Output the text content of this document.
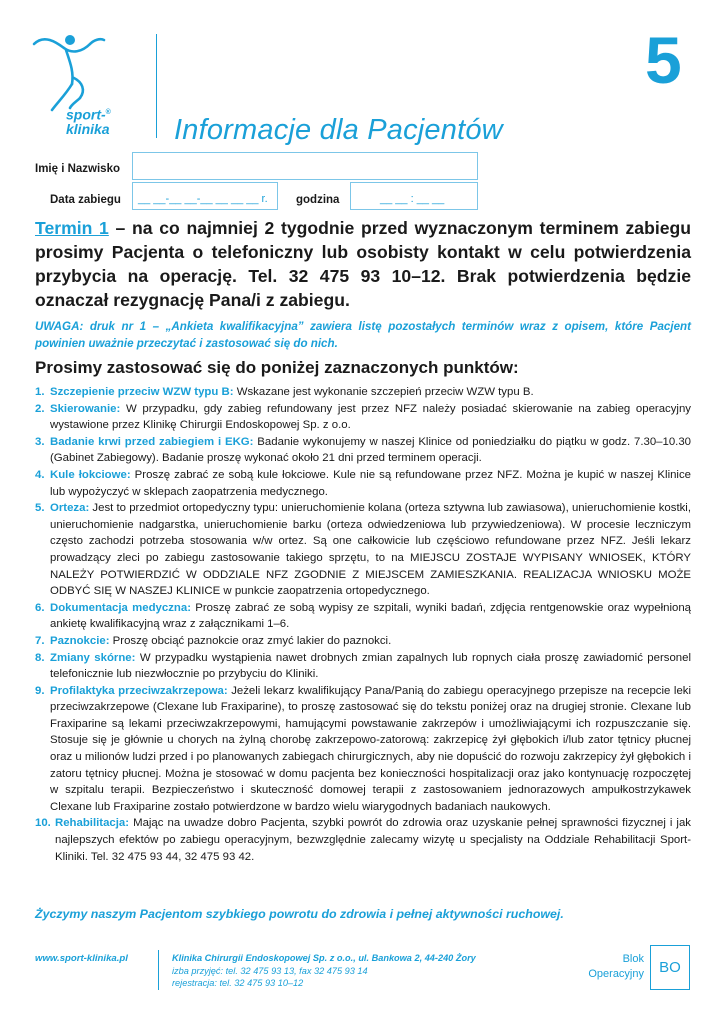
sport-®
klinika
5
Informacje dla Pacjentów
Imię i Nazwisko
Data zabiegu __ __-__ __-__ __ __ __ r. godzina	__ __ : __ __
Termin 1 – na co najmniej 2 tygodnie przed wyznaczonym terminem zabiegu prosimy Pacjenta o telefoniczny lub osobisty kontakt w celu potwierdzenia przybycia na operację. Tel. 32 475 93 10–12. Brak potwierdzenia będzie oznaczał rezygnację Pana/i z zabiegu.
UWAGA: druk nr 1 – „Ankieta kwalifikacyjna” zawiera listę pozostałych terminów wraz z opisem, które Pacjent powinien uważnie przeczytać i zastosować się do nich.
Prosimy zastosować się do poniżej zaznaczonych punktów:
1. Szczepienie przeciw WZW typu B: Wskazane jest wykonanie szczepień przeciw WZW typu B.
2. Skierowanie: W przypadku, gdy zabieg refundowany jest przez NFZ należy posiadać skierowanie na zabieg operacyjny wystawione przez Klinikę Chirurgii Endoskopowej Sp. z o.o.
3. Badanie krwi przed zabiegiem i EKG: Badanie wykonujemy w naszej Klinice od poniedziałku do piątku w godz. 7.30–10.30 (Gabinet Zabiegowy). Badanie proszę wykonać około 21 dni przed terminem operacji.
4. Kule łokciowe: Proszę zabrać ze sobą kule łokciowe. Kule nie są refundowane przez NFZ. Można je kupić w naszej Klinice lub wypożyczyć w sklepach zaopatrzenia medycznego.
5. Orteza: Jest to przedmiot ortopedyczny typu: unieruchomienie kolana (orteza sztywna lub zawiasowa), unieruchomienie kostki, unieruchomienie nadgarstka, unieruchomienie barku (orteza odwiedzeniowa lub przywiedzeniowa). W procesie leczniczym często zachodzi potrzeba stosowania w/w ortez. Są one całkowicie lub częściowo refundowane przez NFZ. Jeśli lekarz prowadzący zleci po zabiegu zastosowanie takiego sprzętu, to na MIEJSCU ZOSTAJE WYPISANY WNIOSEK, KTÓRY NALEŻY POTWIERDZIĆ W ODDZIALE NFZ ZGODNIE Z MIEJSCEM ZAMIESZKANIA. REALIZACJA WNIOSKU MOŻE ODBYĆ SIĘ W NASZEJ KLINICE w punkcie zaopatrzenia ortopedycznego.
6. Dokumentacja medyczna: Proszę zabrać ze sobą wypisy ze szpitali, wyniki badań, zdjęcia rentgenowskie oraz wypełnioną ankietę kwalifikacyjną wraz z załącznikami 1–6.
7. Paznokcie: Proszę obciąć paznokcie oraz zmyć lakier do paznokci.
8. Zmiany skórne: W przypadku wystąpienia nawet drobnych zmian zapalnych lub ropnych ciała proszę zawiadomić personel telefonicznie lub niezwłocznie po przybyciu do Kliniki.
9. Profilaktyka przeciwzakrzepowa: Jeżeli lekarz kwalifikujący Pana/Panią do zabiegu operacyjnego przepisze na recepcie leki przeciwzakrzepowe (Clexane lub Fraxiparine), to proszę zastosować się do tekstu poniżej oraz na drugiej stronie. Clexane lub Fraxiparine są lekami przeciwzakrzepowymi, hamującymi powstawanie zakrzepów i umożliwiającymi ich rozpuszczanie się. Stosuje się je głównie u chorych na żylną chorobę zakrzepowo-zatorową: zakrzepicę żył głębokich i/lub zator tętnicy płucnej oraz u milionów ludzi przed i po planowanych zabiegach chirurgicznych, aby nie dopuścić do rozwoju zakrzepicy żył głębokich i zatoru tętnicy płucnej. Można je stosować w domu pacjenta bez konieczności hospitalizacji oraz jako kontynuację rozpoczętej w szpitalu terapii. Bezpieczeństwo i skuteczność domowej terapii z zastosowaniem jednorazowych ampułkostrzykawek Clexane lub Fraxiparine zostało potwierdzone w bardzo wielu wiarygodnych badaniach naukowych.
10. Rehabilitacja: Mając na uwadze dobro Pacjenta, szybki powrót do zdrowia oraz uzyskanie pełnej sprawności fizycznej i jak najlepszych efektów po zabiegu operacyjnym, bezwzględnie zalecamy wizytę u specjalisty na Oddziale Rehabilitacji Sport-Kliniki. Tel. 32 475 93 44, 32 475 93 42.
Życzymy naszym Pacjentom szybkiego powrotu do zdrowia i pełnej aktywności ruchowej.
www.sport-klinika.pl	Klinika Chirurgii Endoskopowej Sp. z o.o., ul. Bankowa 2, 44-240 Żory
izba przyjęć: tel. 32 475 93 13, fax 32 475 93 14
rejestracja: tel. 32 475 93 10–12
Blok
Operacyjny	BO
